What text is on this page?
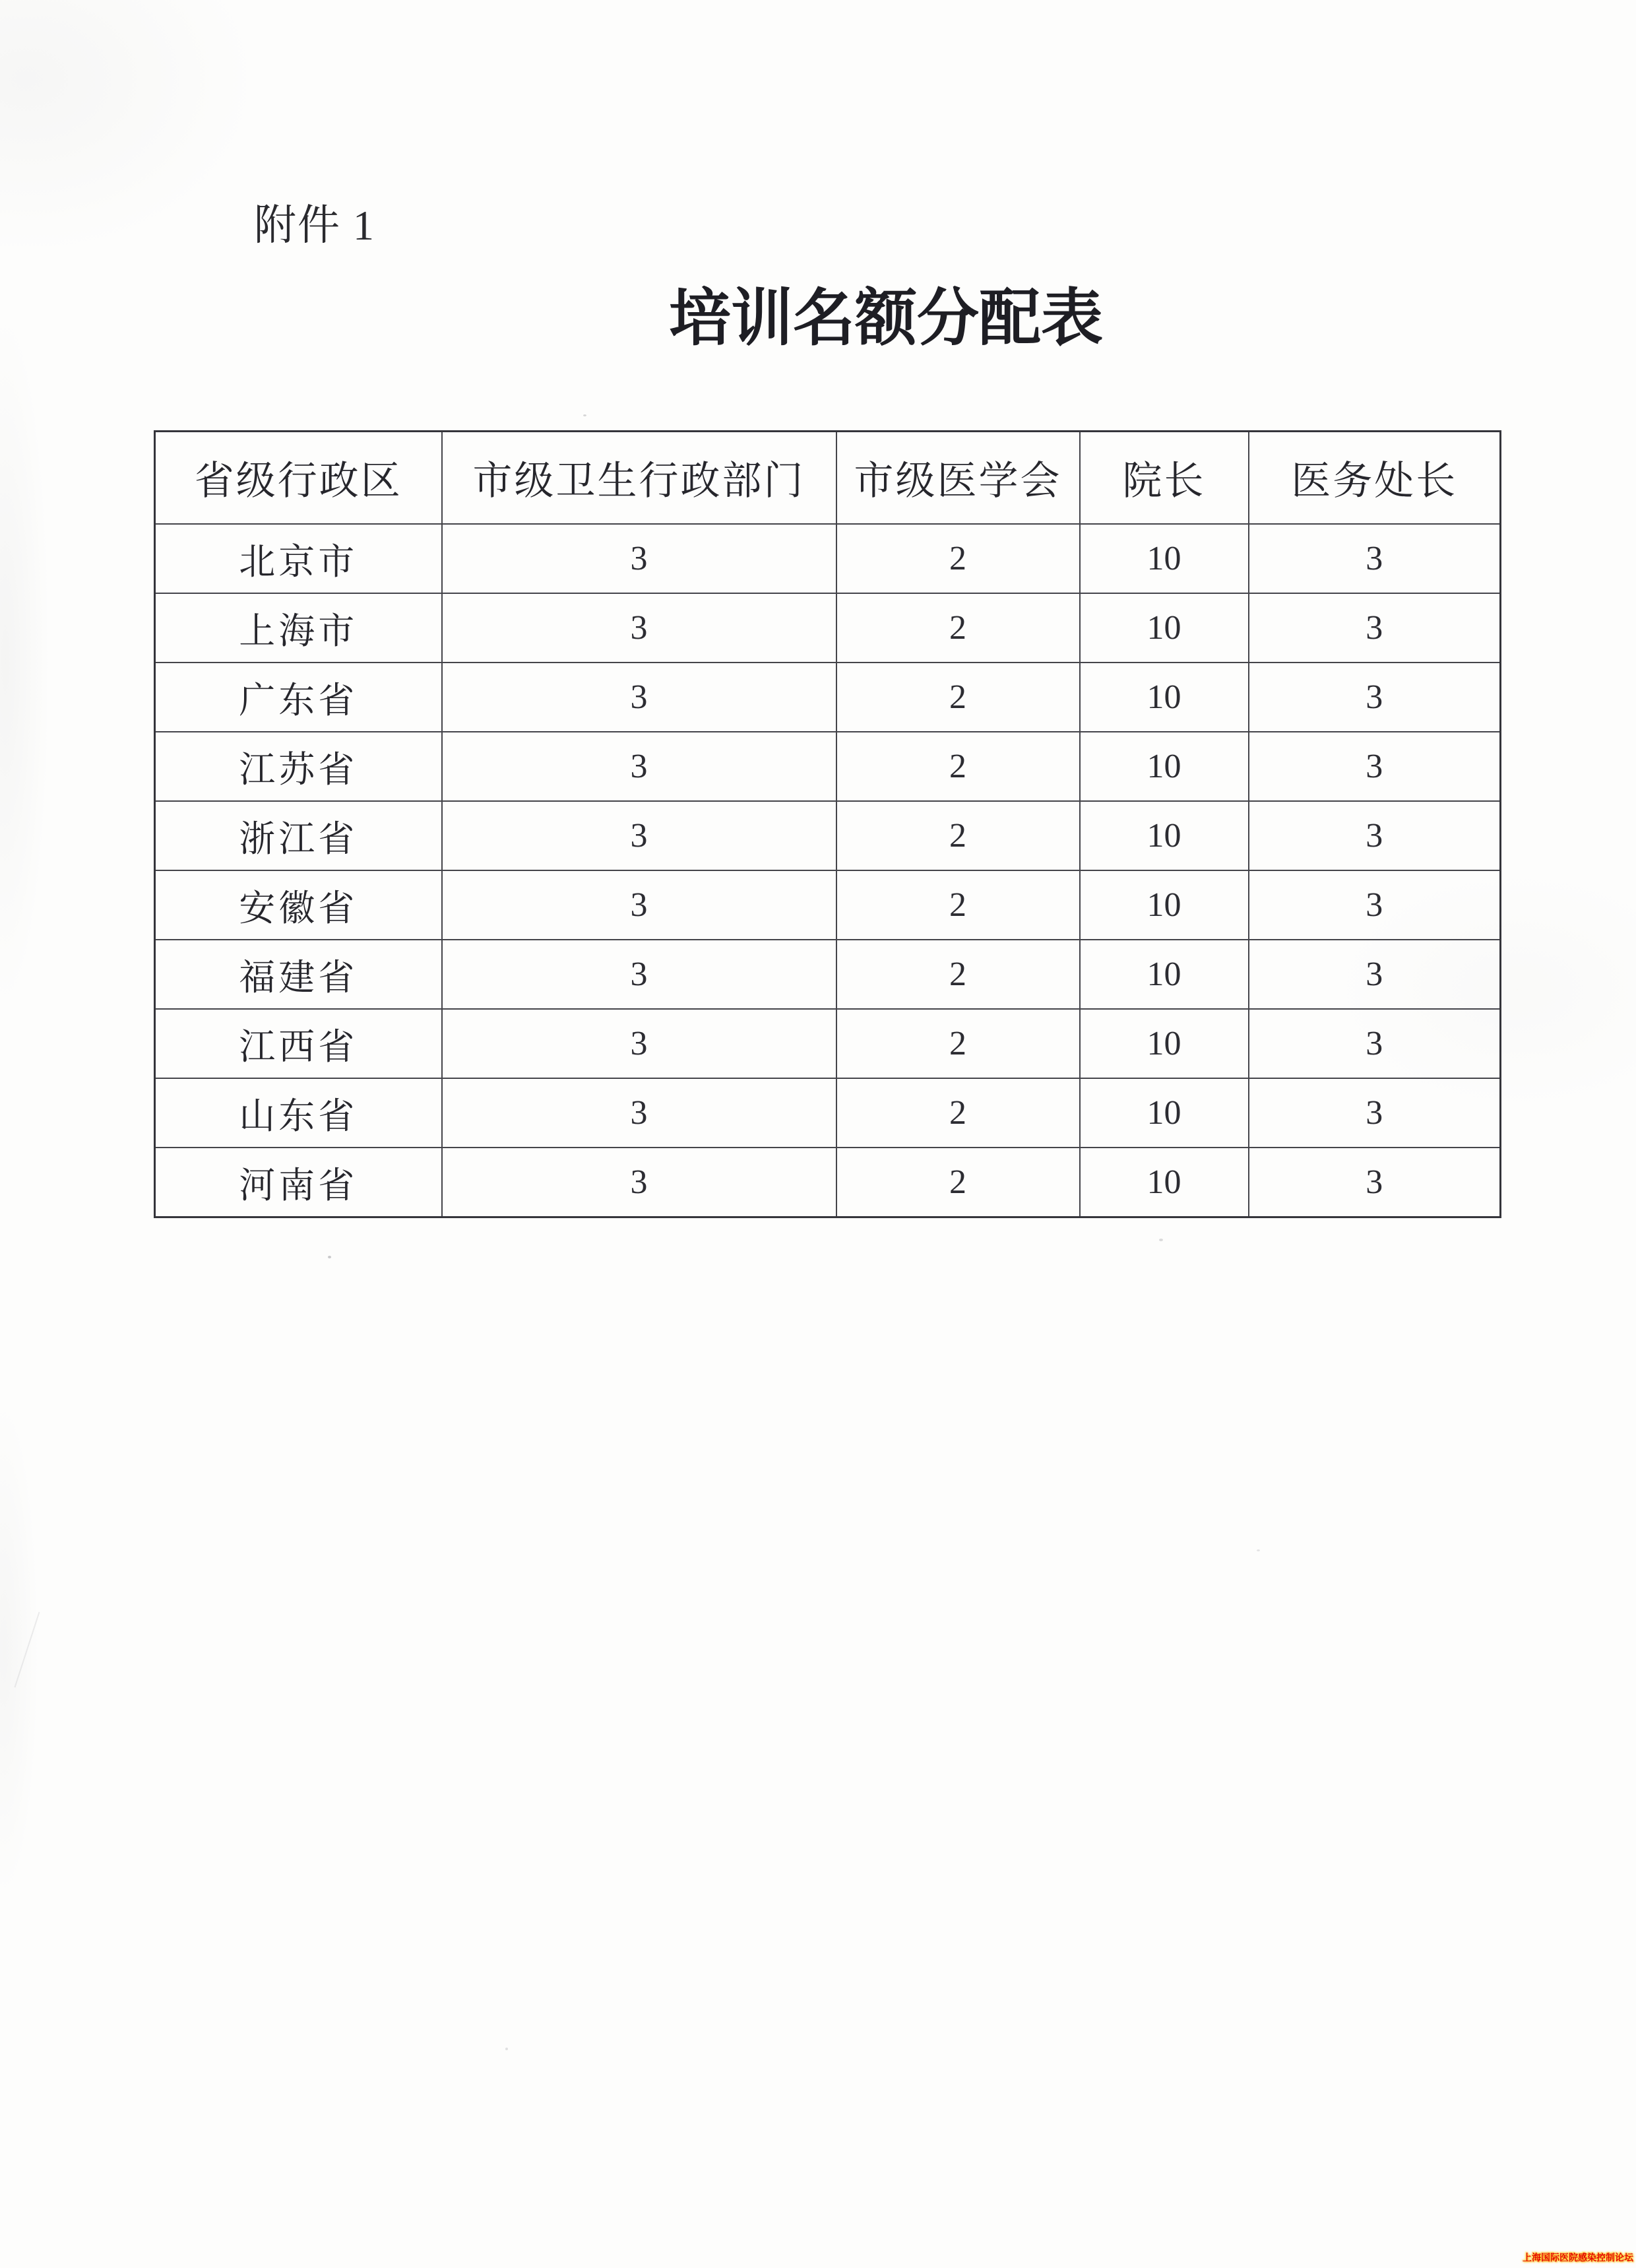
附件 1
培训名额分配表
省级行政区	市级卫生行政部门	市级医学会	院长	医务处长
北京市	3	2	10	3
上海市	3	2	10	3
广东省	3	2	10	3
江苏省	3	2	10	3
浙江省	3	2	10	3
安徽省	3	2	10	3
福建省	3	2	10	3
江西省	3	2	10	3
山东省	3	2	10	3
河南省	3	2	10	3
上海国际医院感染控制论坛
